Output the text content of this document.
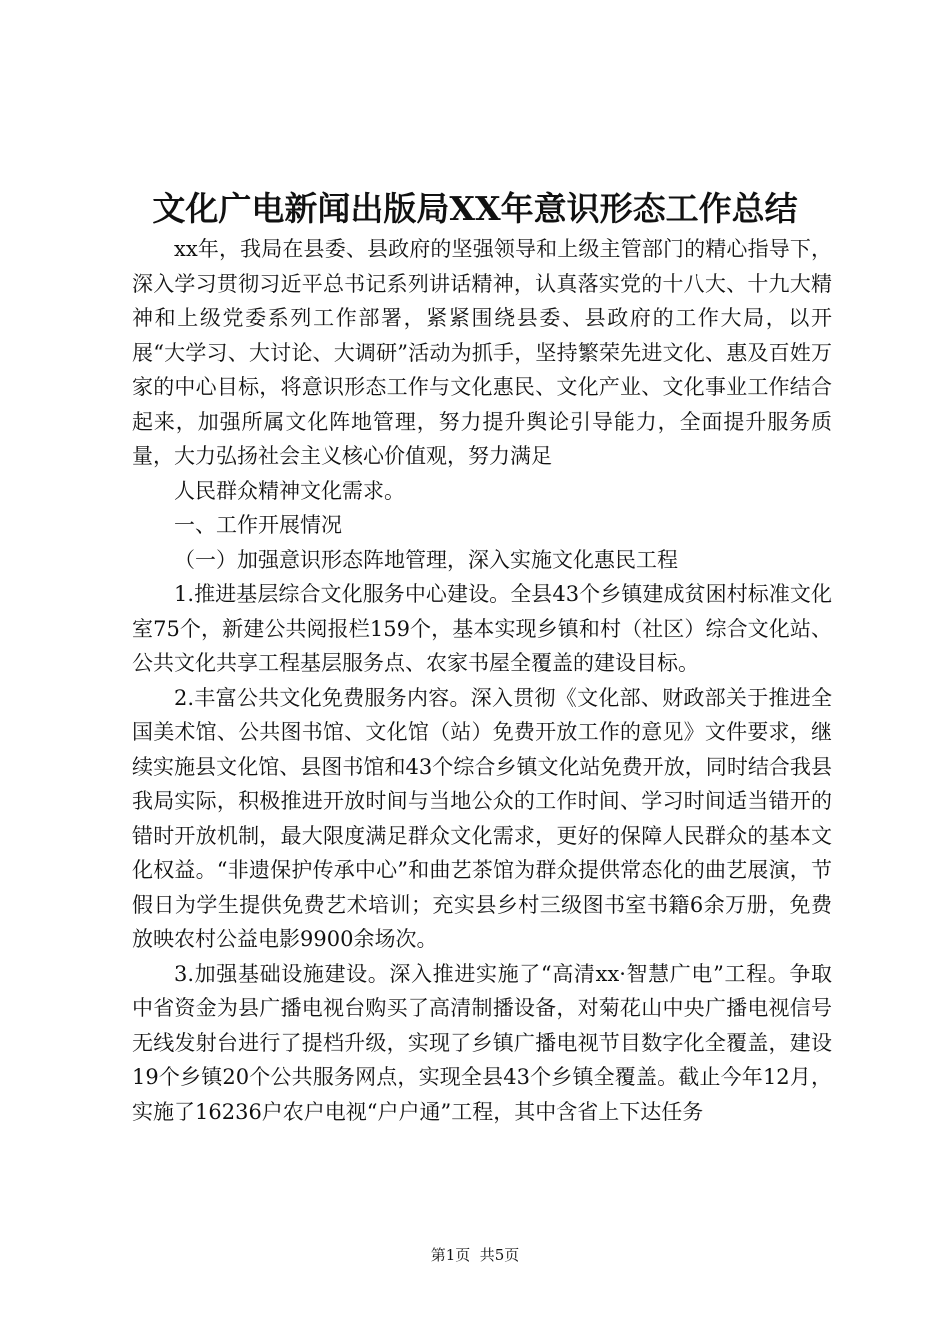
文化广电新闻出版局XX年意识形态工作总结

xx年，我局在县委、县政府的坚强领导和上级主管部门的精心指导下，深入学习贯彻习近平总书记系列讲话精神，认真落实党的十八大、十九大精神和上级党委系列工作部署，紧紧围绕县委、县政府的工作大局，以开展“大学习、大讨论、大调研”活动为抓手，坚持繁荣先进文化、惠及百姓万家的中心目标，将意识形态工作与文化惠民、文化产业、文化事业工作结合起来，加强所属文化阵地管理，努力提升舆论引导能力，全面提升服务质量，大力弘扬社会主义核心价值观，努力满足

人民群众精神文化需求。

一、工作开展情况

（一）加强意识形态阵地管理，深入实施文化惠民工程

1.推进基层综合文化服务中心建设。全县43个乡镇建成贫困村标准文化室75个，新建公共阅报栏159个，基本实现乡镇和村（社区）综合文化站、公共文化共享工程基层服务点、农家书屋全覆盖的建设目标。

2.丰富公共文化免费服务内容。深入贯彻《文化部、财政部关于推进全国美术馆、公共图书馆、文化馆（站）免费开放工作的意见》文件要求，继续实施县文化馆、县图书馆和43个综合乡镇文化站免费开放，同时结合我县我局实际，积极推进开放时间与当地公众的工作时间、学习时间适当错开的错时开放机制，最大限度满足群众文化需求，更好的保障人民群众的基本文化权益。“非遗保护传承中心”和曲艺茶馆为群众提供常态化的曲艺展演，节假日为学生提供免费艺术培训；充实县乡村三级图书室书籍6余万册，免费放映农村公益电影9900余场次。

3.加强基础设施建设。深入推进实施了“高清xx·智慧广电”工程。争取中省资金为县广播电视台购买了高清制播设备，对菊花山中央广播电视信号无线发射台进行了提档升级，实现了乡镇广播电视节目数字化全覆盖，建设19个乡镇20个公共服务网点，实现全县43个乡镇全覆盖。截止今年12月，实施了16236户农户电视“户户通”工程，其中含省上下达任务

第1页  共5页
